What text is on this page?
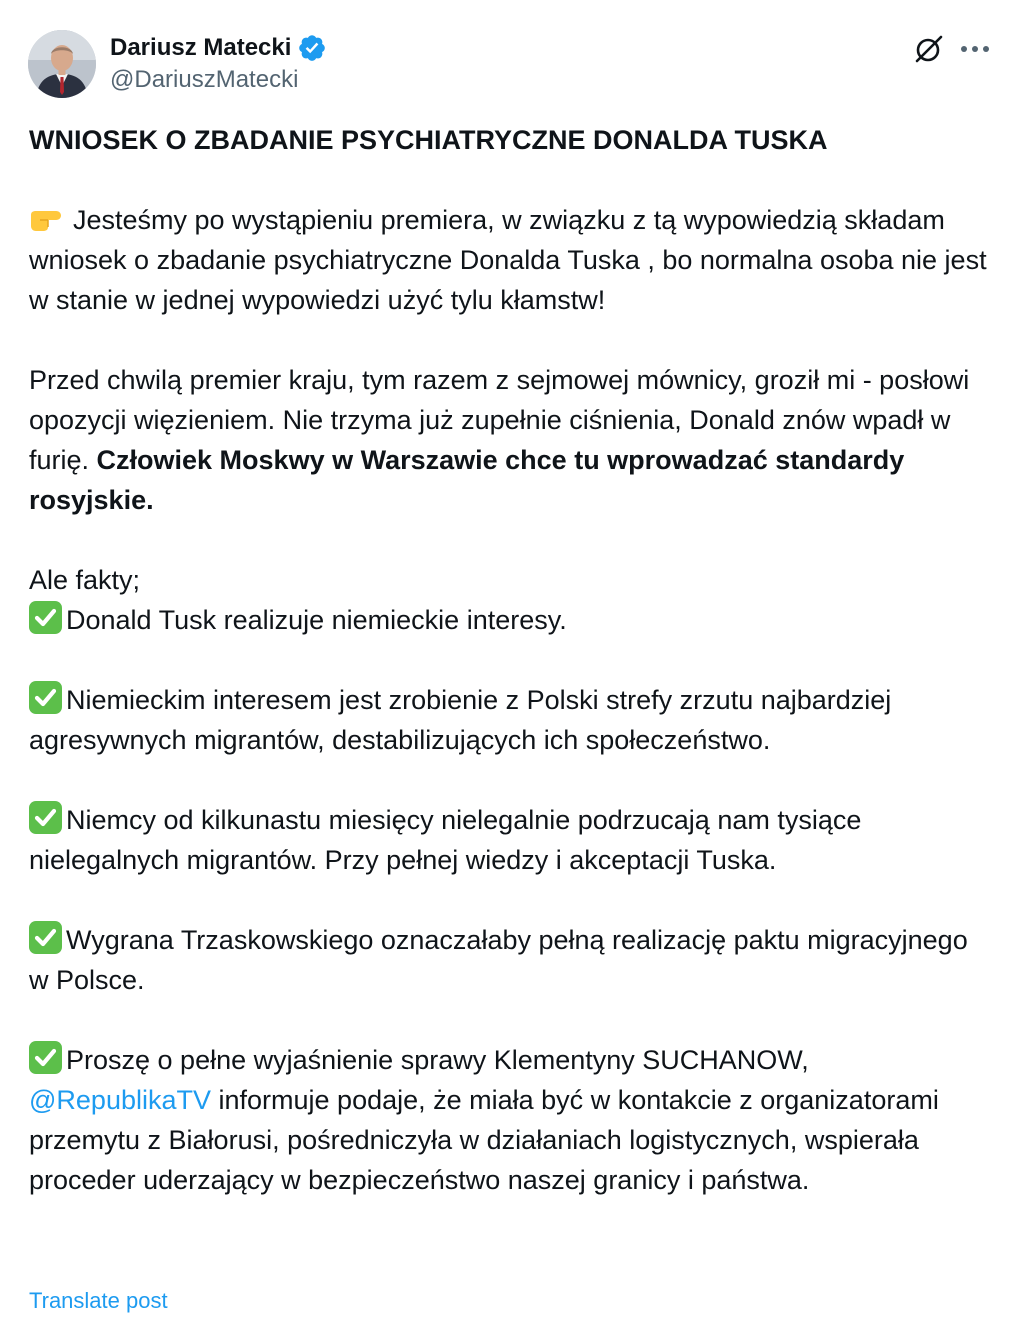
Dariusz Matecki
@DariuszMatecki

WNIOSEK O ZBADANIE PSYCHIATRYCZNE DONALDA TUSKA

Jesteśmy po wystąpieniu premiera, w związku z tą wypowiedzią składam wniosek o zbadanie psychiatryczne Donalda Tuska , bo normalna osoba nie jest w stanie w jednej wypowiedzi użyć tylu kłamstw!

Przed chwilą premier kraju, tym razem z sejmowej mównicy, groził mi - posłowi opozycji więzieniem. Nie trzyma już zupełnie ciśnienia, Donald znów wpadł w furię. Człowiek Moskwy w Warszawie chce tu wprowadzać standardy rosyjskie.

Ale fakty;

Donald Tusk realizuje niemieckie interesy.

Niemieckim interesem jest zrobienie z Polski strefy zrzutu najbardziej agresywnych migrantów, destabilizujących ich społeczeństwo.

Niemcy od kilkunastu miesięcy nielegalnie podrzucają nam tysiące nielegalnych migrantów. Przy pełnej wiedzy i akceptacji Tuska.

Wygrana Trzaskowskiego oznaczałaby pełną realizację paktu migracyjnego w Polsce.

Proszę o pełne wyjaśnienie sprawy Klementyny SUCHANOW, @RepublikaTV informuje podaje, że miała być w kontakcie z organizatorami przemytu z Białorusi, pośredniczyła w działaniach logistycznych, wspierała proceder uderzający w bezpieczeństwo naszej granicy i państwa.

Translate post
